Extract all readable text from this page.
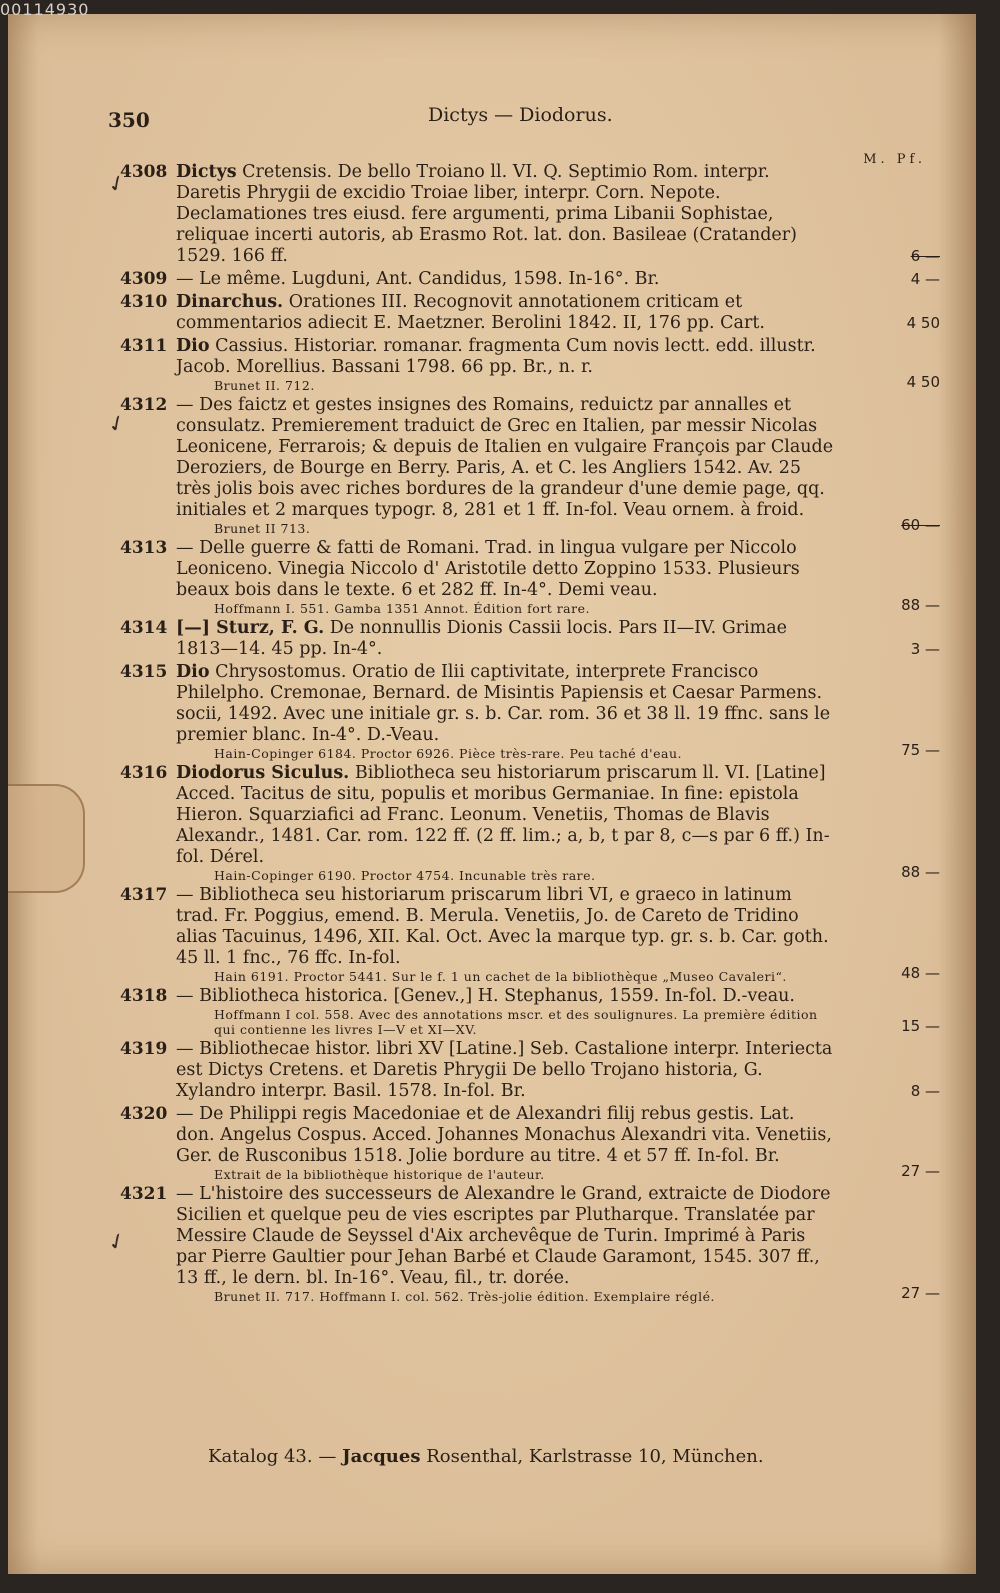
350	Dictys — Diodorus.
M. Pf.
4308 Dictys Cretensis. De bello Troiano ll. VI. Q. Septimio Rom. interpr. Daretis Phrygii de excidio Troiae liber, interpr. Corn. Nepote. Declamationes tres eiusd. fere argumenti, prima Libanii Sophistae, reliquae incerti autoris, ab Erasmo Rot. lat. don. Basileae (Cratander) 1529. 166 ff.	6 —
4309 — Le même. Lugduni, Ant. Candidus, 1598. In-16°. Br.	4 —
4310 Dinarchus. Orationes III. Recognovit annotationem criticam et commentarios adiecit E. Maetzner. Berolini 1842. II, 176 pp. Cart.	4 50
4311 Dio Cassius. Historiar. romanar. fragmenta Cum novis lectt. edd. illustr. Jacob. Morellius. Bassani 1798. 66 pp. Br., n. r.
Brunet II. 712.	4 50
4312 — Des faictz et gestes insignes des Romains, reduictz par annalles et consulatz. Premierement traduict de Grec en Italien, par messir Nicolas Leonicene, Ferrarois; & depuis de Italien en vulgaire François par Claude Deroziers, de Bourge en Berry. Paris, A. et C. les Angliers 1542. Av. 25 très jolis bois avec riches bordures de la grandeur d'une demie page, qq. initiales et 2 marques typogr. 8, 281 et 1 ff. In-fol. Veau ornem. à froid.
Brunet II 713.	60 —
4313 — Delle guerre & fatti de Romani. Trad. in lingua vulgare per Niccolo Leoniceno. Vinegia Niccolo d' Aristotile detto Zoppino 1533. Plusieurs beaux bois dans le texte. 6 et 282 ff. In-4°. Demi veau.
Hoffmann I. 551. Gamba 1351 Annot. Édition fort rare.	88 —
4314 [—] Sturz, F. G. De nonnullis Dionis Cassii locis. Pars II—IV. Grimae 1813—14. 45 pp. In-4°.	3 —
4315 Dio Chrysostomus. Oratio de Ilii captivitate, interprete Francisco Philelpho. Cremonae, Bernard. de Misintis Papiensis et Caesar Parmens. socii, 1492. Avec une initiale gr. s. b. Car. rom. 36 et 38 ll. 19 ffnc. sans le premier blanc. In-4°. D.-Veau.
Hain-Copinger 6184. Proctor 6926. Pièce très-rare. Peu taché d'eau.	75 —
4316 Diodorus Siculus. Bibliotheca seu historiarum priscarum ll. VI. [Latine] Acced. Tacitus de situ, populis et moribus Germaniae. In fine: epistola Hieron. Squarziafici ad Franc. Leonum. Venetiis, Thomas de Blavis Alexandr., 1481. Car. rom. 122 ff. (2 ff. lim.; a, b, t par 8, c—s par 6 ff.) In-fol. Dérel.
Hain-Copinger 6190. Proctor 4754. Incunable très rare.	88 —
4317 — Bibliotheca seu historiarum priscarum libri VI, e graeco in latinum trad. Fr. Poggius, emend. B. Merula. Venetiis, Jo. de Careto de Tridino alias Tacuinus, 1496, XII. Kal. Oct. Avec la marque typ. gr. s. b. Car. goth. 45 ll. 1 fnc., 76 ffc. In-fol.
Hain 6191. Proctor 5441. Sur le f. 1 un cachet de la bibliothèque „Museo Cavaleri“.	48 —
4318 — Bibliotheca historica. [Genev.,] H. Stephanus, 1559. In-fol. D.-veau.
Hoffmann I col. 558. Avec des annotations mscr. et des soulignures. La première édition qui contienne les livres I—V et XI—XV.	15 —
4319 — Bibliothecae histor. libri XV [Latine.] Seb. Castalione interpr. Interiecta est Dictys Cretens. et Daretis Phrygii De bello Trojano historia, G. Xylandro interpr. Basil. 1578. In-fol. Br.	8 —
4320 — De Philippi regis Macedoniae et de Alexandri filij rebus gestis. Lat. don. Angelus Cospus. Acced. Johannes Monachus Alexandri vita. Venetiis, Ger. de Rusconibus 1518. Jolie bordure au titre. 4 et 57 ff. In-fol. Br.
Extrait de la bibliothèque historique de l'auteur.	27 —
4321 — L'histoire des successeurs de Alexandre le Grand, extraicte de Diodore Sicilien et quelque peu de vies escriptes par Plutharque. Translatée par Messire Claude de Seyssel d'Aix archevêque de Turin. Imprimé à Paris par Pierre Gaultier pour Jehan Barbé et Claude Garamont, 1545. 307 ff., 13 ff., le dern. bl. In-16°. Veau, fil., tr. dorée.
Brunet II. 717. Hoffmann I. col. 562. Très-jolie édition. Exemplaire réglé.	27 —
Katalog 43. — Jacques Rosenthal, Karlstrasse 10, München.
✓
✓
✓
00114930
